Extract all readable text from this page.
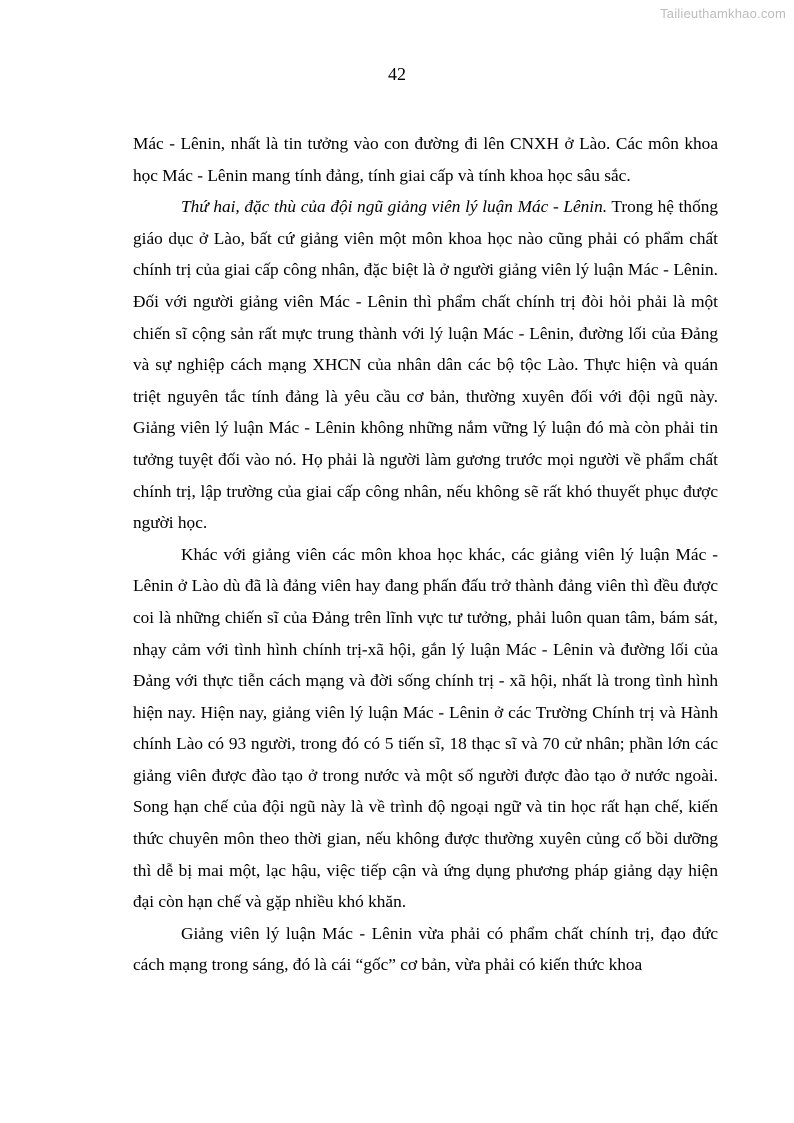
Tailieuthamkhao.com
42

Mác - Lênin, nhất là tin tưởng vào con đường đi lên CNXH ở Lào. Các môn khoa học Mác - Lênin mang tính đảng, tính giai cấp và tính khoa học sâu sắc.

Thứ hai, đặc thù của đội ngũ giảng viên lý luận Mác - Lênin. Trong hệ thống giáo dục ở Lào, bất cứ giảng viên một môn khoa học nào cũng phải có phẩm chất chính trị của giai cấp công nhân, đặc biệt là ở người giảng viên lý luận Mác - Lênin. Đối với người giảng viên Mác - Lênin thì phẩm chất chính trị đòi hỏi phải là một chiến sĩ cộng sản rất mực trung thành với lý luận Mác - Lênin, đường lối của Đảng và sự nghiệp cách mạng XHCN của nhân dân các bộ tộc Lào. Thực hiện và quán triệt nguyên tắc tính đảng là yêu cầu cơ bản, thường xuyên đối với đội ngũ này. Giảng viên lý luận Mác - Lênin không những nắm vững lý luận đó mà còn phải tin tưởng tuyệt đối vào nó. Họ phải là người làm gương trước mọi người về phẩm chất chính trị, lập trường của giai cấp công nhân, nếu không sẽ rất khó thuyết phục được người học.

Khác với giảng viên các môn khoa học khác, các giảng viên lý luận Mác - Lênin ở Lào dù đã là đảng viên hay đang phấn đấu trở thành đảng viên thì đều được coi là những chiến sĩ của Đảng trên lĩnh vực tư tưởng, phải luôn quan tâm, bám sát, nhạy cảm với tình hình chính trị-xã hội, gắn lý luận Mác - Lênin và đường lối của Đảng với thực tiễn cách mạng và đời sống chính trị - xã hội, nhất là trong tình hình hiện nay. Hiện nay, giảng viên lý luận Mác - Lênin ở các Trường Chính trị và Hành chính Lào có 93 người, trong đó có 5 tiến sĩ, 18 thạc sĩ và 70 cử nhân; phần lớn các giảng viên được đào tạo ở trong nước và một số người được đào tạo ở nước ngoài. Song hạn chế của đội ngũ này là về trình độ ngoại ngữ và tin học rất hạn chế, kiến thức chuyên môn theo thời gian, nếu không được thường xuyên củng cố bồi dưỡng thì dễ bị mai một, lạc hậu, việc tiếp cận và ứng dụng phương pháp giảng dạy hiện đại còn hạn chế và gặp nhiều khó khăn.

Giảng viên lý luận Mác - Lênin vừa phải có phẩm chất chính trị, đạo đức cách mạng trong sáng, đó là cái “gốc” cơ bản, vừa phải có kiến thức khoa
